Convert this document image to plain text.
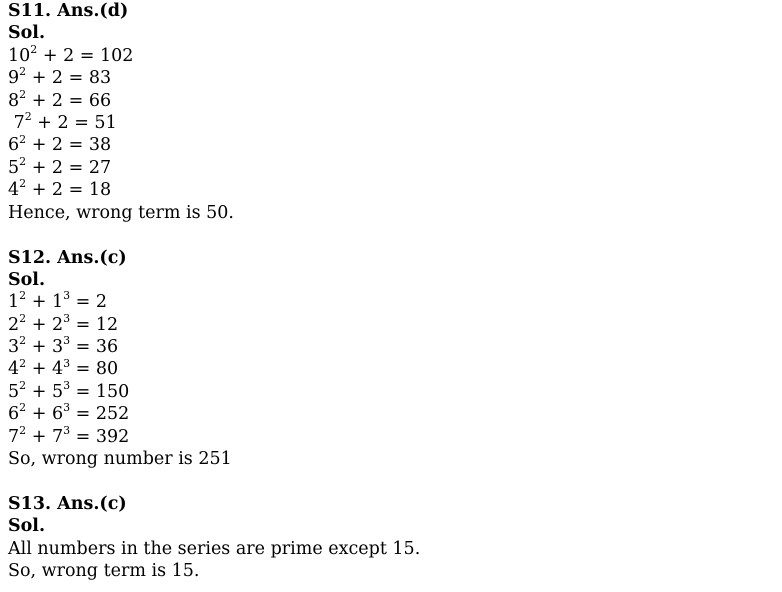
S11. Ans.(d)
Sol.
$10^2 + 2 = 102$
$9^2 + 2 = 83$
$8^2 + 2 = 66$
$7^2 + 2 = 51$
$6^2 + 2 = 38$
$5^2 + 2 = 27$
$4^2 + 2 = 18$
Hence, wrong term is 50.
S12. Ans.(c)
Sol.
$1^2 + 1^3 = 2$
$2^2 + 2^3 = 12$
$3^2 + 3^3 = 36$
$4^2 + 4^3 = 80$
$5^2 + 5^3 = 150$
$6^2 + 6^3 = 252$
$7^2 + 7^3 = 392$
So, wrong number is 251
S13. Ans.(c)
Sol.
All numbers in the series are prime except 15.
So, wrong term is 15.
